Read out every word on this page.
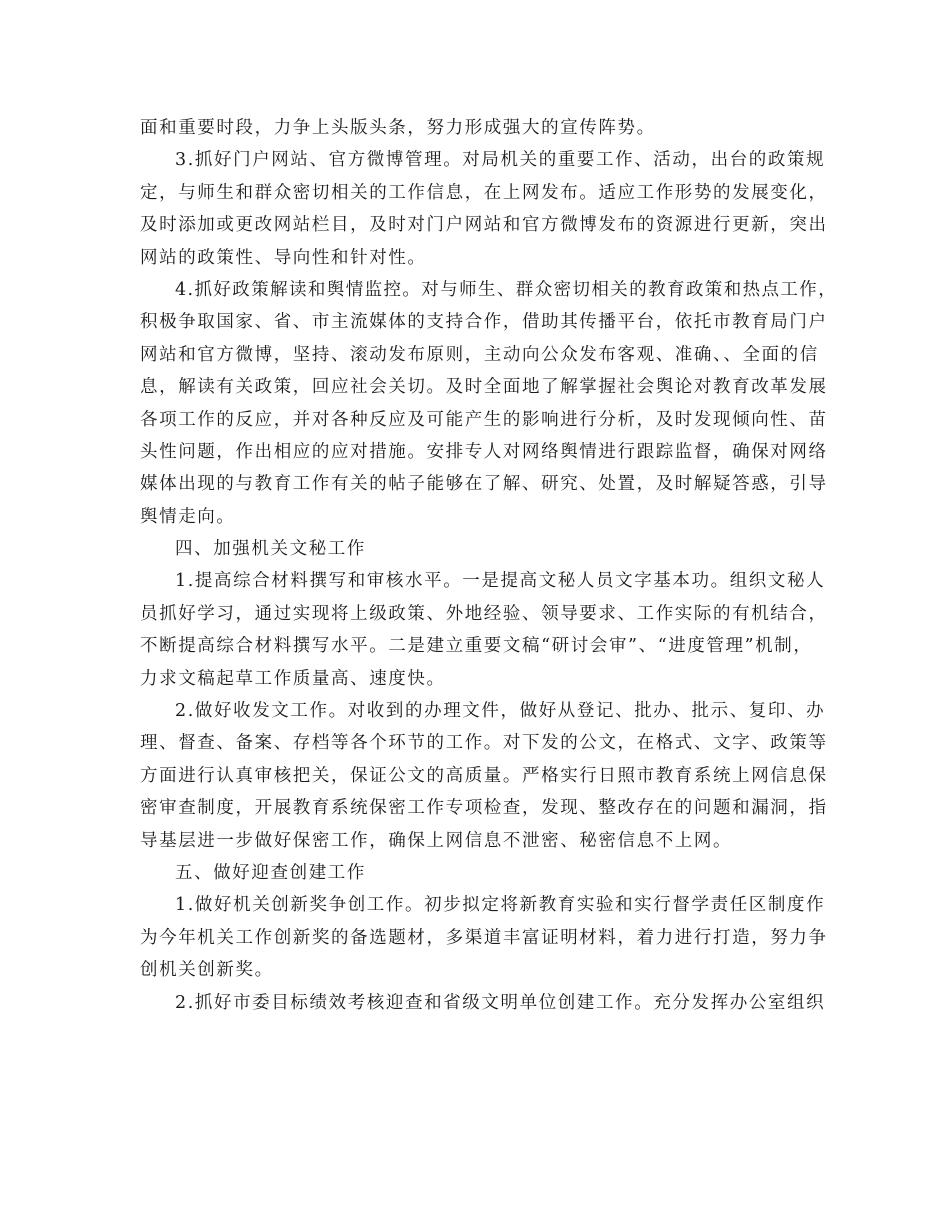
面和重要时段，力争上头版头条，努力形成强大的宣传阵势。
3.抓好门户网站、官方微博管理。对局机关的重要工作、活动，出台的政策规
定，与师生和群众密切相关的工作信息，在上网发布。适应工作形势的发展变化，
及时添加或更改网站栏目，及时对门户网站和官方微博发布的资源进行更新，突出
网站的政策性、导向性和针对性。
4.抓好政策解读和舆情监控。对与师生、群众密切相关的教育政策和热点工作，
积极争取国家、省、市主流媒体的支持合作，借助其传播平台，依托市教育局门户
网站和官方微博，坚持、滚动发布原则，主动向公众发布客观、准确、、全面的信
息，解读有关政策，回应社会关切。及时全面地了解掌握社会舆论对教育改革发展
各项工作的反应，并对各种反应及可能产生的影响进行分析，及时发现倾向性、苗
头性问题，作出相应的应对措施。安排专人对网络舆情进行跟踪监督，确保对网络
媒体出现的与教育工作有关的帖子能够在了解、研究、处置，及时解疑答惑，引导
舆情走向。
四、加强机关文秘工作
1.提高综合材料撰写和审核水平。一是提高文秘人员文字基本功。组织文秘人
员抓好学习，通过实现将上级政策、外地经验、领导要求、工作实际的有机结合，
不断提高综合材料撰写水平。二是建立重要文稿“研讨会审”、“进度管理”机制，
力求文稿起草工作质量高、速度快。
2.做好收发文工作。对收到的办理文件，做好从登记、批办、批示、复印、办
理、督查、备案、存档等各个环节的工作。对下发的公文，在格式、文字、政策等
方面进行认真审核把关，保证公文的高质量。严格实行日照市教育系统上网信息保
密审查制度，开展教育系统保密工作专项检查，发现、整改存在的问题和漏洞，指
导基层进一步做好保密工作，确保上网信息不泄密、秘密信息不上网。
五、做好迎查创建工作
1.做好机关创新奖争创工作。初步拟定将新教育实验和实行督学责任区制度作
为今年机关工作创新奖的备选题材，多渠道丰富证明材料，着力进行打造，努力争
创机关创新奖。
2.抓好市委目标绩效考核迎查和省级文明单位创建工作。充分发挥办公室组织
